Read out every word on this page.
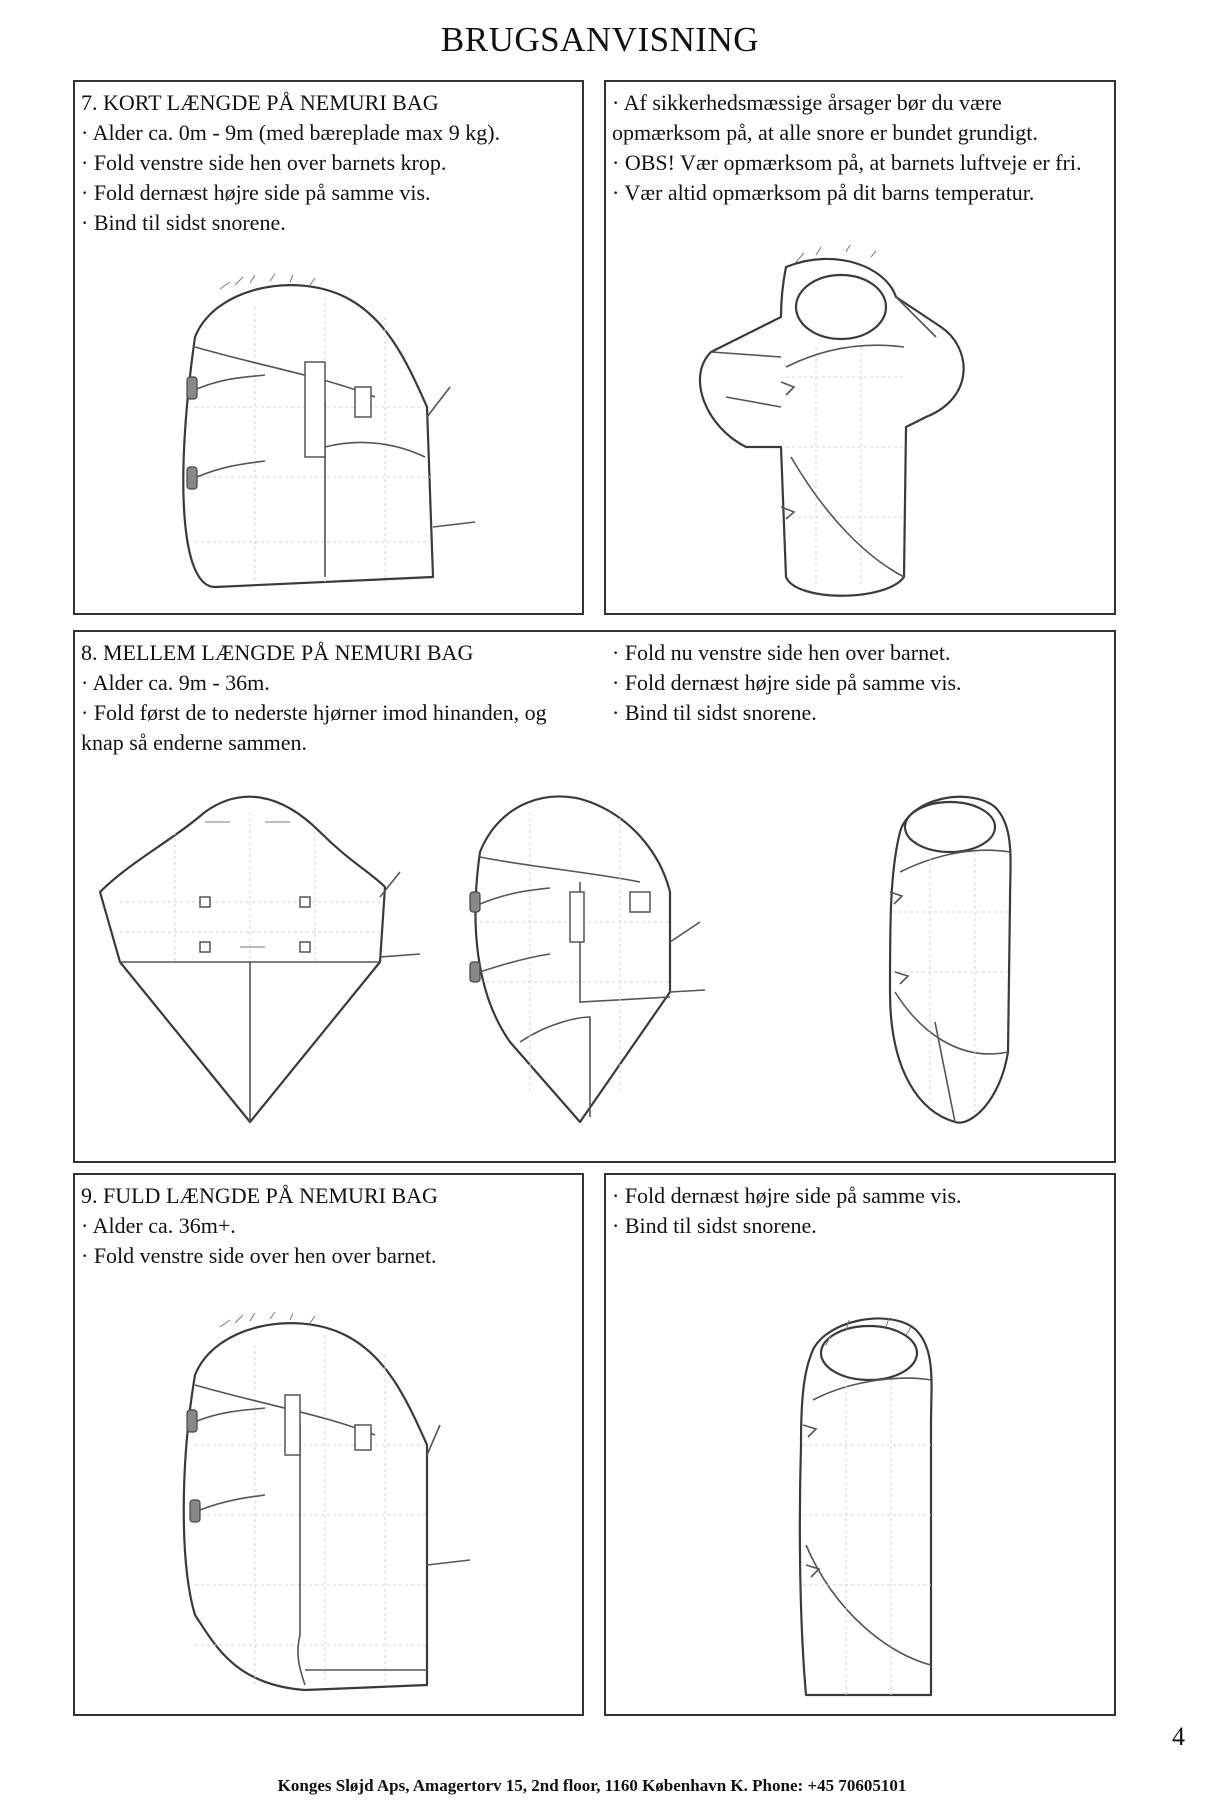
BRUGSANVISNING

7. KORT LÆNGDE PÅ NEMURI BAG

· Alder ca. 0m - 9m (med bæreplade max 9 kg).

· Fold venstre side hen over barnets krop.

· Fold dernæst højre side på samme vis.

· Bind til sidst snorene.

· Af sikkerhedsmæssige årsager bør du være opmærksom på, at alle snore er bundet grundigt.

· OBS! Vær opmærksom på, at barnets luftveje er fri.

· Vær altid opmærksom på dit barns temperatur.

8. MELLEM LÆNGDE PÅ NEMURI BAG

· Alder ca. 9m - 36m.

· Fold først de to nederste hjørner imod hinanden, og knap så enderne sammen.

· Fold nu venstre side hen over barnet.

· Fold dernæst højre side på samme vis.

· Bind til sidst snorene.

9. FULD LÆNGDE PÅ NEMURI BAG

· Alder ca. 36m+.

· Fold venstre side over hen over barnet.

· Fold dernæst højre side på samme vis.

· Bind til sidst snorene.

4
Konges Sløjd Aps, Amagertorv 15, 2nd floor, 1160 København K. Phone: +45 70605101
